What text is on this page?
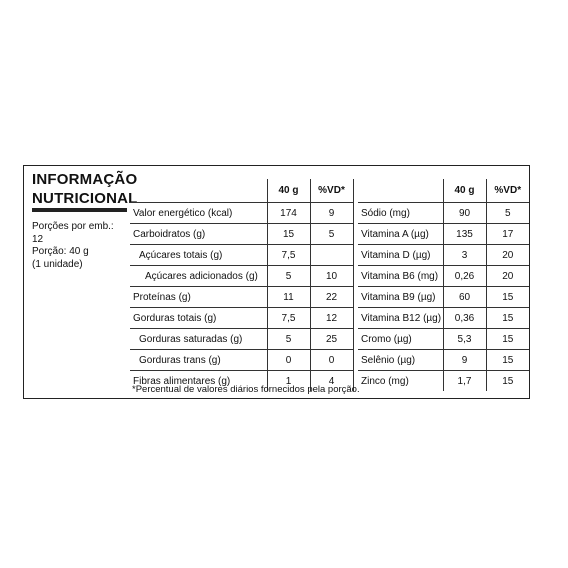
INFORMAÇÃO
NUTRICIONAL
Porções por emb.:
12
Porção: 40 g
(1 unidade)
	40 g	%VD*			40 g	%VD*
Valor energético (kcal)	174	9		Sódio (mg)	90	5
Carboidratos (g)	15	5		Vitamina A (µg)	135	17
Açúcares totais (g)	7,5			Vitamina D (µg)	3	20
Açúcares adicionados (g)	5	10		Vitamina B6 (mg)	0,26	20
Proteínas (g)	11	22		Vitamina B9 (µg)	60	15
Gorduras totais (g)	7,5	12		Vitamina B12 (µg)	0,36	15
Gorduras saturadas (g)	5	25		Cromo (µg)	5,3	15
Gorduras trans (g)	0	0		Selênio (µg)	9	15
Fibras alimentares (g)	1	4		Zinco (mg)	1,7	15
*Percentual de valores diários fornecidos pela porção.
